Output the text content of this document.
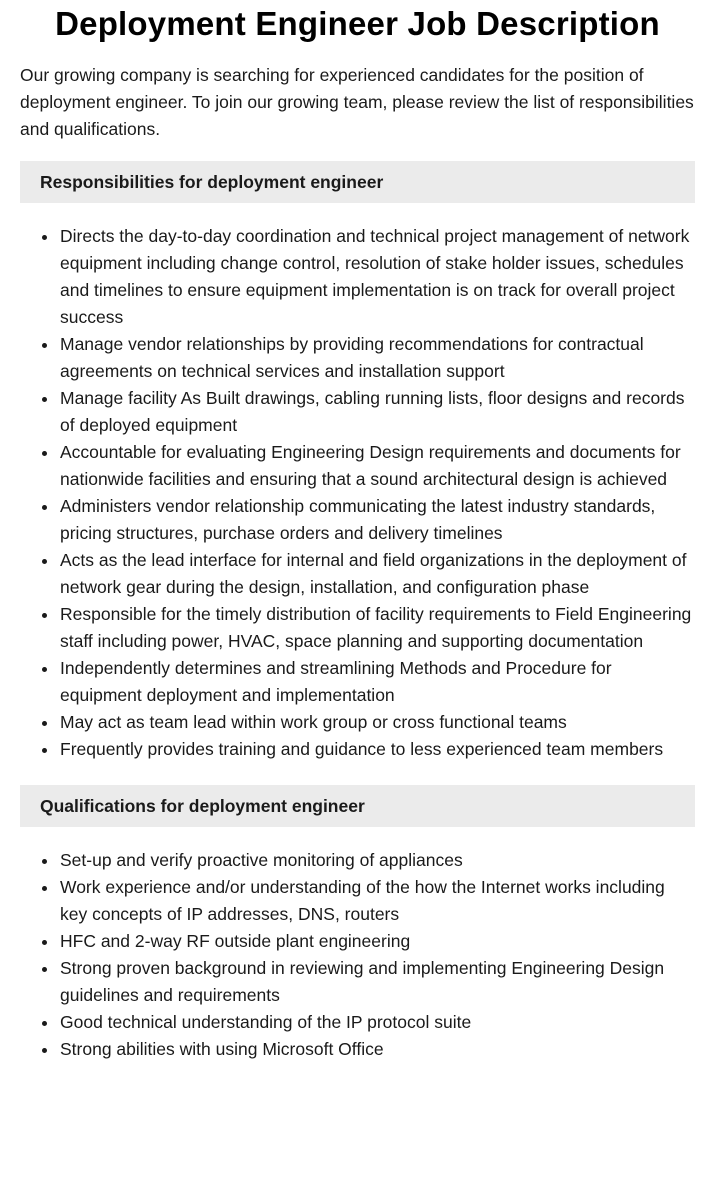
Deployment Engineer Job Description

Our growing company is searching for experienced candidates for the position of deployment engineer. To join our growing team, please review the list of responsibilities and qualifications.

Responsibilities for deployment engineer
Directs the day-to-day coordination and technical project management of network equipment including change control, resolution of stake holder issues, schedules and timelines to ensure equipment implementation is on track for overall project success
Manage vendor relationships by providing recommendations for contractual agreements on technical services and installation support
Manage facility As Built drawings, cabling running lists, floor designs and records of deployed equipment
Accountable for evaluating Engineering Design requirements and documents for nationwide facilities and ensuring that a sound architectural design is achieved
Administers vendor relationship communicating the latest industry standards, pricing structures, purchase orders and delivery timelines
Acts as the lead interface for internal and field organizations in the deployment of network gear during the design, installation, and configuration phase
Responsible for the timely distribution of facility requirements to Field Engineering staff including power, HVAC, space planning and supporting documentation
Independently determines and streamlining Methods and Procedure for equipment deployment and implementation
May act as team lead within work group or cross functional teams
Frequently provides training and guidance to less experienced team members
Qualifications for deployment engineer
Set-up and verify proactive monitoring of appliances
Work experience and/or understanding of the how the Internet works including key concepts of IP addresses, DNS, routers
HFC and 2-way RF outside plant engineering
Strong proven background in reviewing and implementing Engineering Design guidelines and requirements
Good technical understanding of the IP protocol suite
Strong abilities with using Microsoft Office
